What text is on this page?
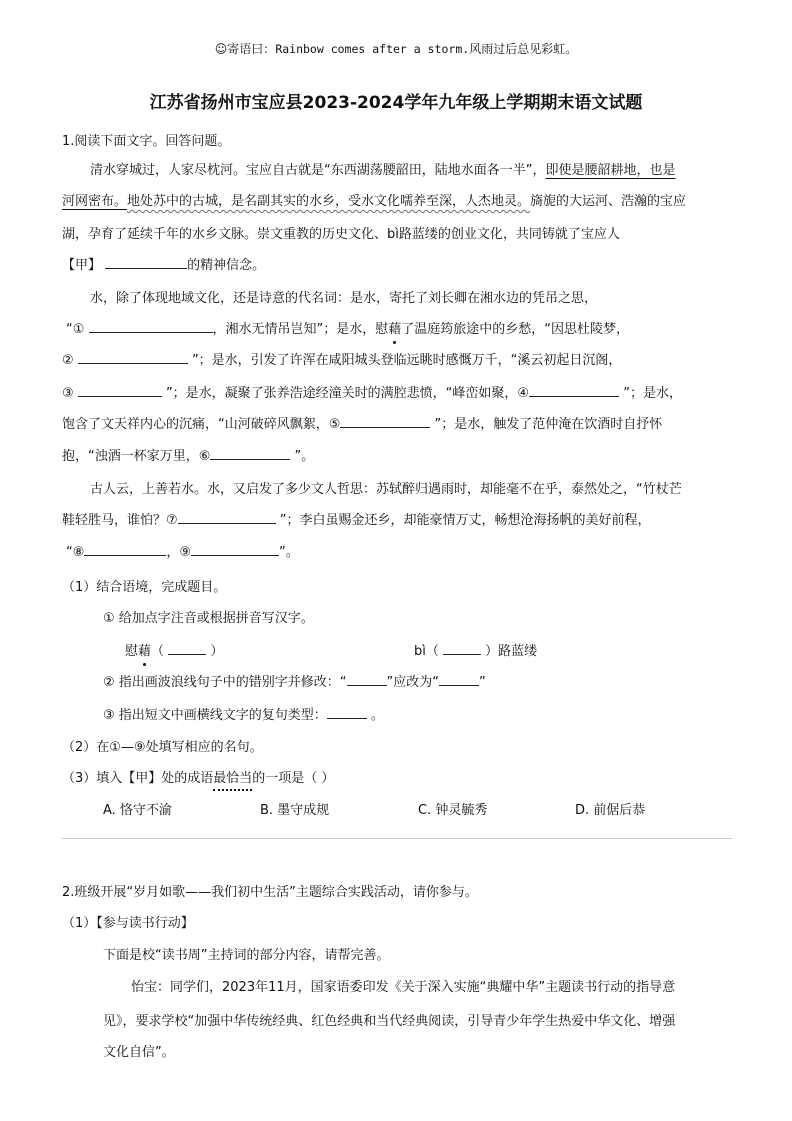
☺寄语曰：Rainbow comes after a storm.风雨过后总见彩虹。
江苏省扬州市宝应县2023-2024学年九年级上学期期末语文试题
1.阅读下面文字。回答问题。
清水穿城过，人家尽枕河。宝应自古就是“东西湖荡腰韶田，陆地水面各一半”，即使是腰韶耕地，也是
河网密布。地处苏中的古城，是名副其实的水乡，受水文化嚅养至深，人杰地灵。旖旎的大运河、浩瀚的宝应
湖，孕育了延续千年的水乡文脉。崇文重教的历史文化、bì路蓝缕的创业文化，共同铸就了宝应人
【甲】	的精神信念。
水，除了体现地域文化，还是诗意的代名词：是水，寄托了刘长卿在湘水边的凭吊之思，
“①	，湘水无情吊岂知”；是水，慰藉了温庭筠旅途中的乡愁，“因思杜陵梦，
②	”；是水，引发了许浑在咸阳城头登临远眺时感慨万千，“溪云初起日沉阁，
③	”；是水，凝聚了张养浩途经潼关时的满腔悲愤，“峰峦如聚，④	”；是水，
饱含了文天祥内心的沉痛，“山河破碎风飘絮，⑤	”；是水，触发了范仲淹在饮酒时自抒怀
抱，“浊酒一杯家万里，⑥	”。
古人云，上善若水。水，又启发了多少文人哲思：苏轼醉归遇雨时，却能毫不在乎，泰然处之，“竹杖芒
鞋轻胜马，谁怕？⑦	”；李白虽赐金还乡，却能豪情万丈，畅想沧海扬帆的美好前程，
“⑧	，⑨	”。
（1）结合语境，完成题目。
① 给加点字注音或根据拼音写汉字。
慰藉（	）	bì（	）路蓝缕
② 指出画波浪线句子中的错别字并修改：“	”应改为“	”
③ 指出短文中画横线文字的复句类型：	。
（2）在①—⑨处填写相应的名句。
（3）填入【甲】处的成语最恰当的一项是（ ）
A. 恪守不渝	B. 墨守成规	C. 钟灵毓秀	D. 前倨后恭
2.班级开展“岁月如歌——我们初中生活”主题综合实践活动，请你参与。
（1）【参与读书行动】
下面是校“读书周”主持词的部分内容，请帮完善。
怡宝：同学们，2023年11月，国家语委印发《关于深入实施“典耀中华”主题读书行动的指导意
见》，要求学校“加强中华传统经典、红色经典和当代经典阅读，引导青少年学生热爱中华文化、增强
文化自信”。
